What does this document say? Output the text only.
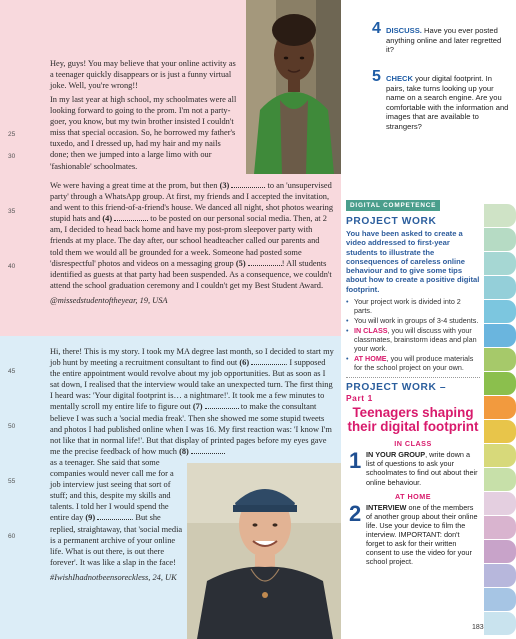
Hey, guys! You may believe that your online activity as a teenager quickly disappears or is just a funny virtual joke. Well, you're wrong!!
In my last year at high school, my schoolmates were all looking forward to going to the prom. I'm not a party-goer, you know, but my twin brother insisted I couldn't miss that special occasion. So, he borrowed my father's tuxedo, and I dressed up, had my hair and my nails done; then we jumped into a large limo with our 'fashionable' schoolmates.
We were having a great time at the prom, but then (3)	to an 'unsupervised party' through a WhatsApp group. At first, my friends and I accepted the invitation, and went to this friend-of-a-friend's house. We danced all night, shot photos wearing stupid hats and (4)	to be posted on our personal social media. Then, at 2 am, I decided to head back home and have my post-prom sleepover party with friends at my place. The day after, our school headteacher called our parents and told them we would all be grounded for a week. Someone had posted some 'disrespectful' photos and videos on a messaging group (5)	! All students identified as guests at that party had been suspended. As a consequence, we couldn't attend the school graduation ceremony and I couldn't get my Best Student Award.
@missedstudentoftheyear, 19, USA
25
30
35
40
Hi, there! This is my story. I took my MA degree last month, so I decided to start my job hunt by meeting a recruitment consultant to find out (6)	. I supposed the entire appointment would revolve about my job opportunities. But as soon as I sat down, I realised that the interview would take an unexpected turn. The first thing I heard was: 'Your digital footprint is… a nightmare!'. It took me a few minutes to mentally scroll my entire life to figure out (7)	to make the consultant believe I was such a 'social media freak'. Then she showed me some stupid tweets and photos I had published online when I was 16. My first reaction was: 'I know I'm not like that in normal life!'. But that display of printed pages before my eyes gave me the precise feedback of how much (8)
as a teenager. She said that some companies would never call me for a job interview just seeing that sort of stuff; and this, despite my skills and talents. I told her I would spend the entire day (9)	. But she replied, straightaway, that 'social media is a permanent archive of your online life. What is out there, is out there forever'. It was like a slap in the face!
#IwishIhadnotbeensoreckless, 24, UK
45
50
55
60
4 DISCUSS. Have you ever posted anything online and later regretted it?
5 CHECK your digital footprint. In pairs, take turns looking up your name on a search engine. Are you comfortable with the information and images that are available to strangers?
DIGITAL COMPETENCE
PROJECT WORK
You have been asked to create a video addressed to first-year students to illustrate the consequences of careless online behaviour and to give some tips about how to create a positive digital footprint.
• Your project work is divided into 2 parts.
• You will work in groups of 3-4 students.
• IN CLASS, you will discuss with your classmates, brainstorm ideas and plan your work.
• AT HOME, you will produce materials for the school project on your own.
PROJECT WORK –
Part 1
Teenagers shaping their digital footprint
IN CLASS
1 IN YOUR GROUP, write down a list of questions to ask your schoolmates to find out about their online behaviour.
AT HOME
2 INTERVIEW one of the members of another group about their online life. Use your device to film the interview. IMPORTANT: don't forget to ask for their written consent to use the video for your school project.
183
